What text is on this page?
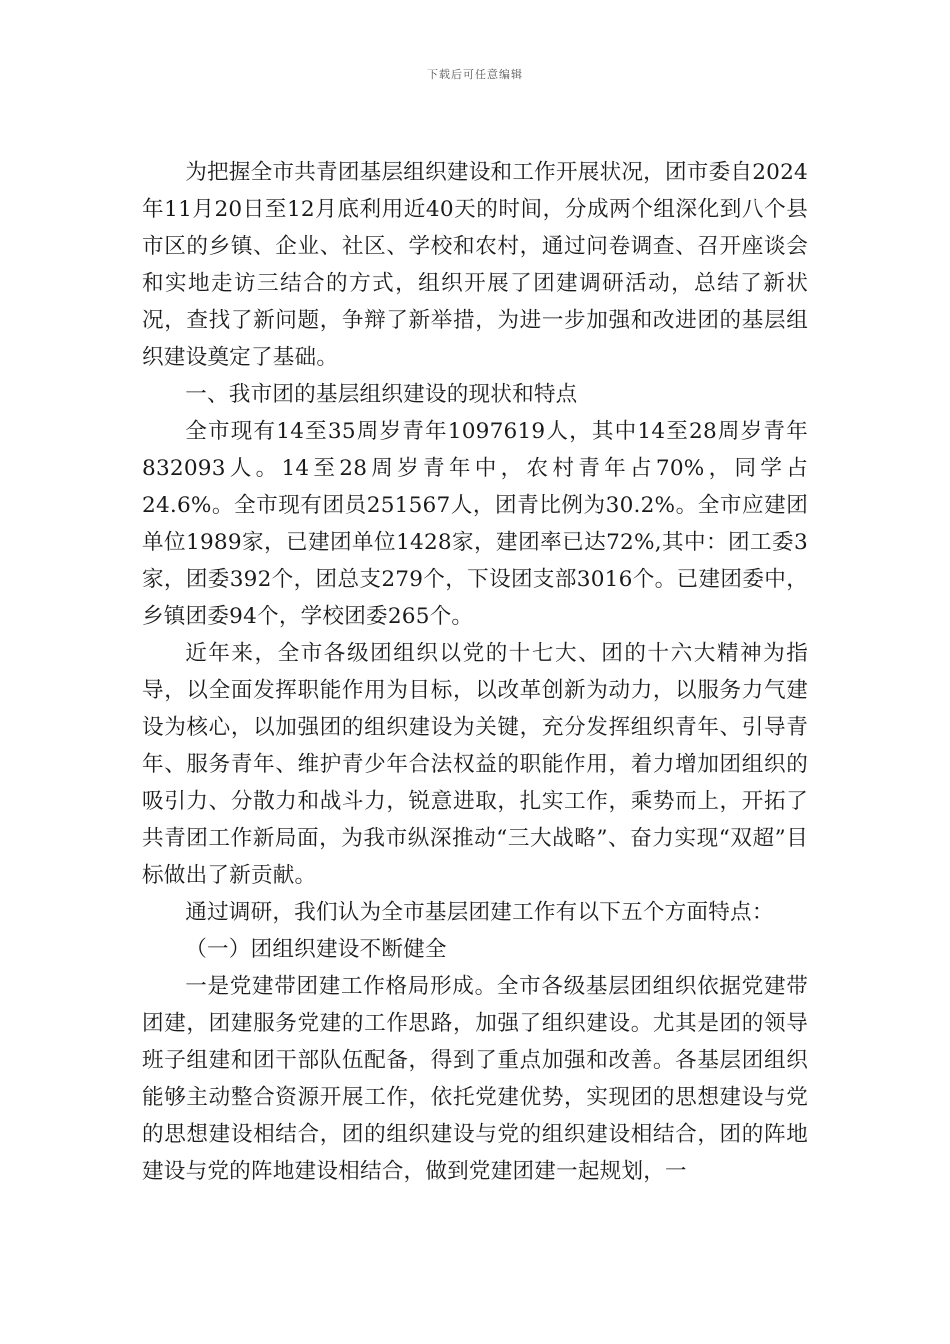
下载后可任意编辑

为把握全市共青团基层组织建设和工作开展状况，团市委自2024年11月20日至12月底利用近40天的时间，分成两个组深化到八个县市区的乡镇、企业、社区、学校和农村，通过问卷调查、召开座谈会和实地走访三结合的方式，组织开展了团建调研活动，总结了新状况，查找了新问题，争辩了新举措，为进一步加强和改进团的基层组织建设奠定了基础。

一、我市团的基层组织建设的现状和特点

全市现有14至35周岁青年1097619人，其中14至28周岁青年832093人。14至28周岁青年中，农村青年占70%，同学占24.6%。全市现有团员251567人，团青比例为30.2%。全市应建团单位1989家，已建团单位1428家，建团率已达72%,其中：团工委3家，团委392个，团总支279个，下设团支部3016个。已建团委中，乡镇团委94个，学校团委265个。

近年来，全市各级团组织以党的十七大、团的十六大精神为指导，以全面发挥职能作用为目标，以改革创新为动力，以服务力气建设为核心，以加强团的组织建设为关键，充分发挥组织青年、引导青年、服务青年、维护青少年合法权益的职能作用，着力增加团组织的吸引力、分散力和战斗力，锐意进取，扎实工作，乘势而上，开拓了共青团工作新局面，为我市纵深推动“三大战略”、奋力实现“双超”目标做出了新贡献。

通过调研，我们认为全市基层团建工作有以下五个方面特点：

（一）团组织建设不断健全

一是党建带团建工作格局形成。全市各级基层团组织依据党建带团建，团建服务党建的工作思路，加强了组织建设。尤其是团的领导班子组建和团干部队伍配备，得到了重点加强和改善。各基层团组织能够主动整合资源开展工作，依托党建优势，实现团的思想建设与党的思想建设相结合，团的组织建设与党的组织建设相结合，团的阵地建设与党的阵地建设相结合，做到党建团建一起规划，一
